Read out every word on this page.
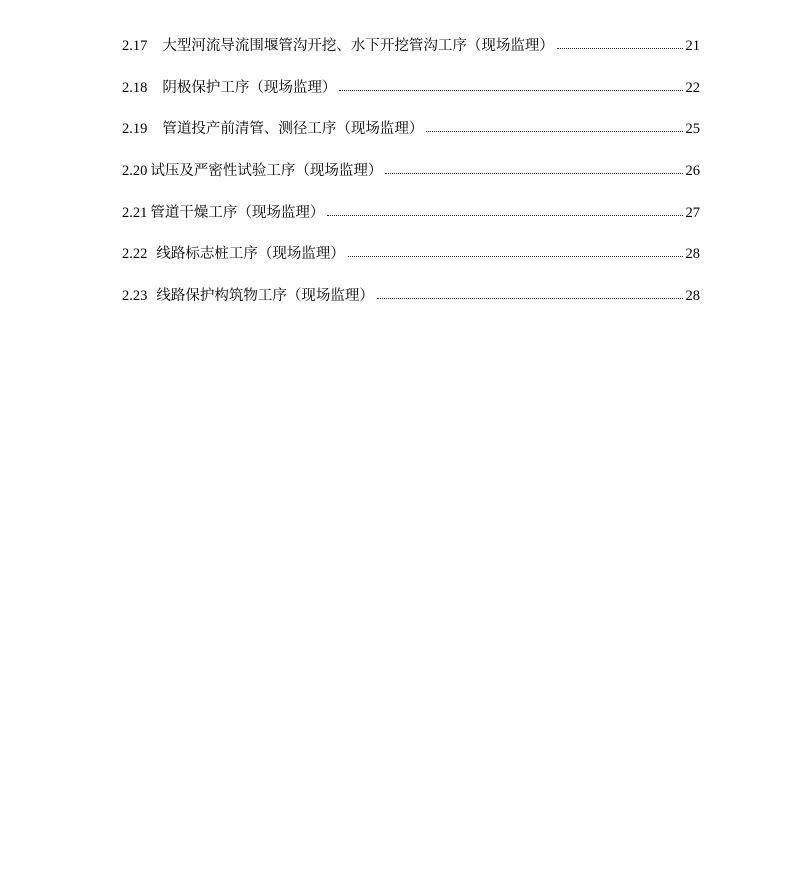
2.17 大型河流导流围堰管沟开挖、水下开挖管沟工序（现场监理）	21
2.18 阴极保护工序（现场监理）	22
2.19 管道投产前清管、测径工序（现场监理）	25
2.20 试压及严密性试验工序（现场监理）	26
2.21 管道干燥工序（现场监理）	27
2.22 线路标志桩工序（现场监理）	28
2.23 线路保护构筑物工序（现场监理）	28
